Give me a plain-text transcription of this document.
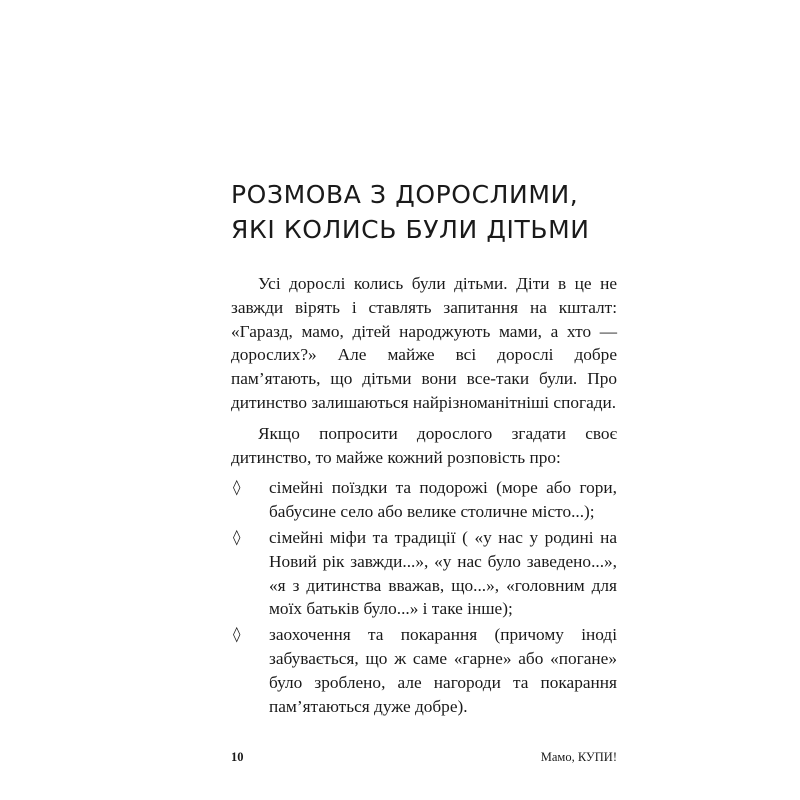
РОЗМОВА З ДОРОСЛИМИ,
ЯКІ КОЛИСЬ БУЛИ ДІТЬМИ

Усі дорослі колись були дітьми. Діти в це не завжди вірять і ставлять запитання на кшталт: «Гаразд, мамо, дітей народжують мами, а хто — дорослих?» Але майже всі дорослі добре пам’ятають, що дітьми вони все-таки були. Про дитинство залишаються найрізноманітніші спогади.

Якщо попросити дорослого згадати своє дитинство, то майже кожний розповість про:

◊ сімейні поїздки та подорожі (море або гори, бабусине село або велике столичне місто...);
◊ сімейні міфи та традиції ( «у нас у родині на Новий рік завжди...», «у нас було заведено...», «я з дитинства вважав, що...», «головним для моїх батьків було...» і таке інше);
◊ заохочення та покарання (причому іноді забувається, що ж саме «гарне» або «погане» було зроблено, але нагороди та покарання пам’ятаються дуже добре).
10	Мамо, КУПИ!
